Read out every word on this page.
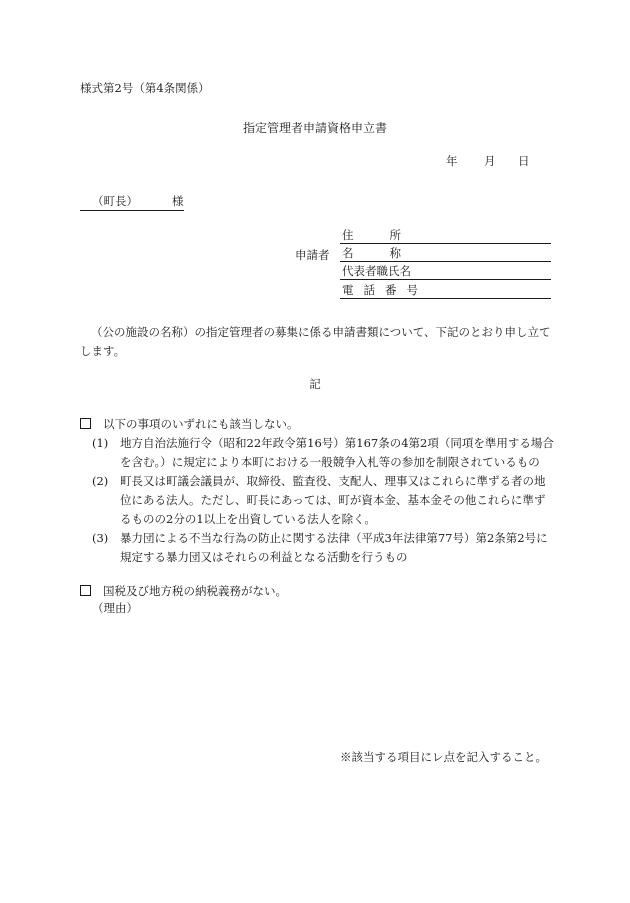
様式第2号（第4条関係）
指定管理者申請資格申立書
年 月 日
（町長）	様
申請者
住所
名称
代表者職氏名
電話番号
（公の施設の名称）の指定管理者の募集に係る申請書類について、下記のとおり申し立てします。
記
以下の事項のいずれにも該当しない。
(1)	地方自治法施行令（昭和22年政令第16号）第167条の4第2項（同項を準用する場合を含む。）に規定により本町における一般競争入札等の参加を制限されているもの
(2)	町長又は町議会議員が、取締役、監査役、支配人、理事又はこれらに準ずる者の地位にある法人。ただし、町長にあっては、町が資本金、基本金その他これらに準ずるものの2分の1以上を出資している法人を除く。
(3)	暴力団による不当な行為の防止に関する法律（平成3年法律第77号）第2条第2号に規定する暴力団又はそれらの利益となる活動を行うもの
国税及び地方税の納税義務がない。
（理由）
※該当する項目にレ点を記入すること。
